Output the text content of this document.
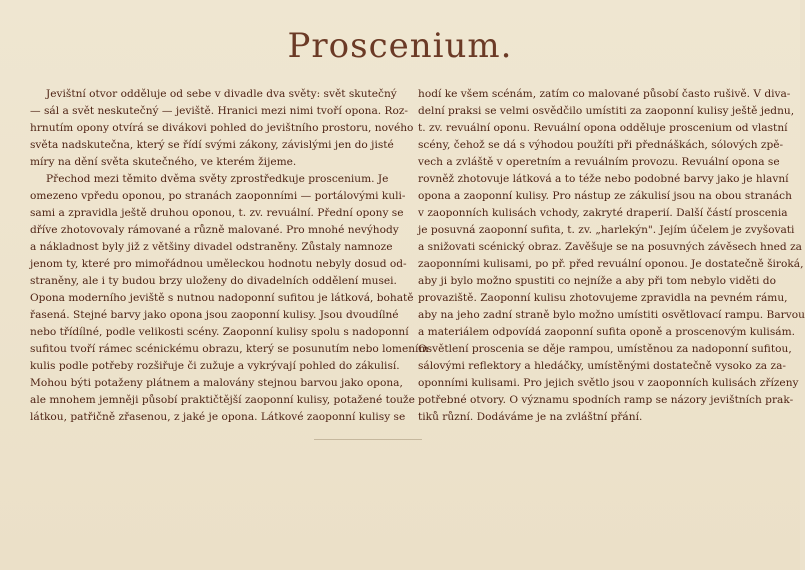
Proscenium.
Jevištní otvor odděluje od sebe v divadle dva světy: svět skutečný
— sál a svět neskutečný — jeviště. Hranici mezi nimi tvoří opona. Roz-
hrnutím opony otvírá se divákovi pohled do jevištního prostoru, nového
světa nadskutečna, který se řídí svými zákony, závislými jen do jisté
míry na dění světa skutečného, ve kterém žijeme.
Přechod mezi těmito dvěma světy zprostředkuje proscenium. Je
omezeno vpředu oponou, po stranách zaoponními — portálovými kuli-
sami a zpravidla ještě druhou oponou, t. zv. revuální. Přední opony se
dříve zhotovovaly rámované a různě malované. Pro mnohé nevýhody
a nákladnost byly již z většiny divadel odstraněny. Zůstaly namnoze
jenom ty, které pro mimořádnou uměleckou hodnotu nebyly dosud od-
straněny, ale i ty budou brzy uloženy do divadelních oddělení musei.
Opona moderního jeviště s nutnou nadoponní sufitou je látková, bohatě
řasená. Stejné barvy jako opona jsou zaoponní kulisy. Jsou dvoudílné
nebo třídílné, podle velikosti scény. Zaoponní kulisy spolu s nadoponní
sufitou tvoří rámec scénickému obrazu, který se posunutím nebo lomením
kulis podle potřeby rozšiřuje či zužuje a vykrývají pohled do zákulisí.
Mohou býti potaženy plátnem a malovány stejnou barvou jako opona,
ale mnohem jemněji působí praktičtější zaoponní kulisy, potažené touže
látkou, patřičně zřasenou, z jaké je opona. Látkové zaoponní kulisy se
hodí ke všem scénám, zatím co malované působí často rušivě. V diva-
delní praksi se velmi osvědčilo umístiti za zaoponní kulisy ještě jednu,
t. zv. revuální oponu. Revuální opona odděluje proscenium od vlastní
scény, čehož se dá s výhodou použíti při přednáškách, sólových zpě-
vech a zvláště v operetním a revuálním provozu. Revuální opona se
rovněž zhotovuje látková a to téže nebo podobné barvy jako je hlavní
opona a zaoponní kulisy. Pro nástup ze zákulisí jsou na obou stranách
v zaoponních kulisách vchody, zakryté draperií. Další částí proscenia
je posuvná zaoponní sufita, t. zv. „harlekýn". Jejím účelem je zvyšovati
a snižovati scénický obraz. Zavěšuje se na posuvných závěsech hned za
zaoponními kulisami, po př. před revuální oponou. Je dostatečně široká,
aby ji bylo možno spustiti co nejníže a aby při tom nebylo viděti do
provaziště. Zaoponní kulisu zhotovujeme zpravidla na pevném rámu,
aby na jeho zadní straně bylo možno umístiti osvětlovací rampu. Barvou
a materiálem odpovídá zaoponní sufita oponě a proscenovým kulisám.
Osvětlení proscenia se děje rampou, umístěnou za nadoponní sufitou,
sálovými reflektory a hledáčky, umístěnými dostatečně vysoko za za-
oponními kulisami. Pro jejich světlo jsou v zaoponních kulisách zřízeny
potřebné otvory. O významu spodních ramp se názory jevištních prak-
tiků různí. Dodáváme je na zvláštní přání.
